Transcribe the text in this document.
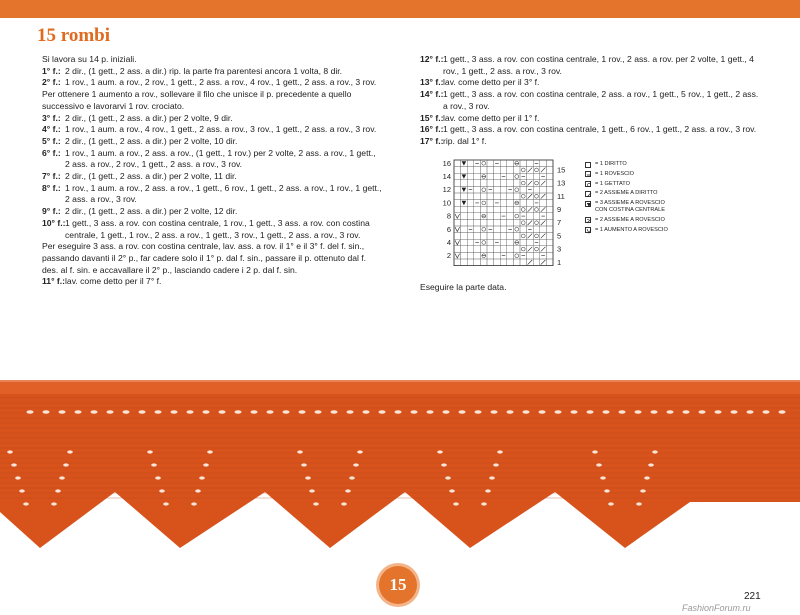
15 rombi
Si lavora su 14 p. iniziali.
1° f.: 2 dir., (1 gett., 2 ass. a dir.) rip. la parte fra parentesi ancora 1 volta, 8 dir.
2° f.: 1 rov., 1 aum. a rov., 2 rov., 1 gett., 2 ass. a rov., 4 rov., 1 gett., 2 ass. a rov., 3 rov.
Per ottenere 1 aumento a rov., sollevare il filo che unisce il p. precedente a quello successivo e lavorarvi 1 rov. crociato.
3° f.: 2 dir., (1 gett., 2 ass. a dir.) per 2 volte, 9 dir.
4° f.: 1 rov., 1 aum. a rov., 4 rov., 1 gett., 2 ass. a rov., 3 rov., 1 gett., 2 ass. a rov., 3 rov.
5° f.: 2 dir., (1 gett., 2 ass. a dir.) per 2 volte, 10 dir.
6° f.: 1 rov., 1 aum. a rov., 2 ass. a rov., (1 gett., 1 rov.) per 2 volte, 2 ass. a rov., 1 gett., 2 ass. a rov., 2 rov., 1 gett., 2 ass. a rov., 3 rov.
7° f.: 2 dir., (1 gett., 2 ass. a dir.) per 2 volte, 11 dir.
8° f.: 1 rov., 1 aum. a rov., 2 ass. a rov., 1 gett., 6 rov., 1 gett., 2 ass. a rov., 1 rov., 1 gett., 2 ass. a rov., 3 rov.
9° f.: 2 dir., (1 gett., 2 ass. a dir.) per 2 volte, 12 dir.
10° f.: 1 gett., 3 ass. a rov. con costina centrale, 1 rov., 1 gett., 3 ass. a rov. con costina centrale, 1 gett., 1 rov., 2 ass. a rov., 1 gett., 3 rov., 1 gett., 2 ass. a rov., 3 rov.
Per eseguire 3 ass. a rov. con costina centrale, lav. ass. a rov. il 1° e il 3° f. del f. sin., passando davanti il 2° p., far cadere solo il 1° p. dal f. sin., passare il p. ottenuto dal f. des. al f. sin. e accavallare il 2° p., lasciando cadere i 2 p. dal f. sin.
11° f.: lav. come detto per il 7° f.
12° f.: 1 gett., 3 ass. a rov. con costina centrale, 1 rov., 2 ass. a rov. per 2 volte, 1 gett., 4 rov., 1 gett., 2 ass. a rov., 3 rov.
13° f.: lav. come detto per il 3° f.
14° f.: 1 gett., 3 ass. a rov. con costina centrale, 2 ass. a rov., 1 gett., 5 rov., 1 gett., 2 ass. a rov., 3 rov.
15° f.: lav. come detto per il 1° f.
16° f.: 1 gett., 3 ass. a rov. con costina centrale, 1 gett., 6 rov., 1 gett., 2 ass. a rov., 3 rov.
17° f.: rip. dal 1° f.
15
13
11
9
7
5
3
1
16
14
12
10
8
6
4
2
= 1 DIRITTO
= 1 ROVESCIO
= 1 GETTATO
= 2 ASSIEME A DIRITTO
= 3 ASSIEME A ROVESCIO
CON COSTINA CENTRALE
= 2 ASSIEME A ROVESCIO
= 1 AUMENTO A ROVESCIO
Eseguire la parte data.
15
221
FashionForum.ru
